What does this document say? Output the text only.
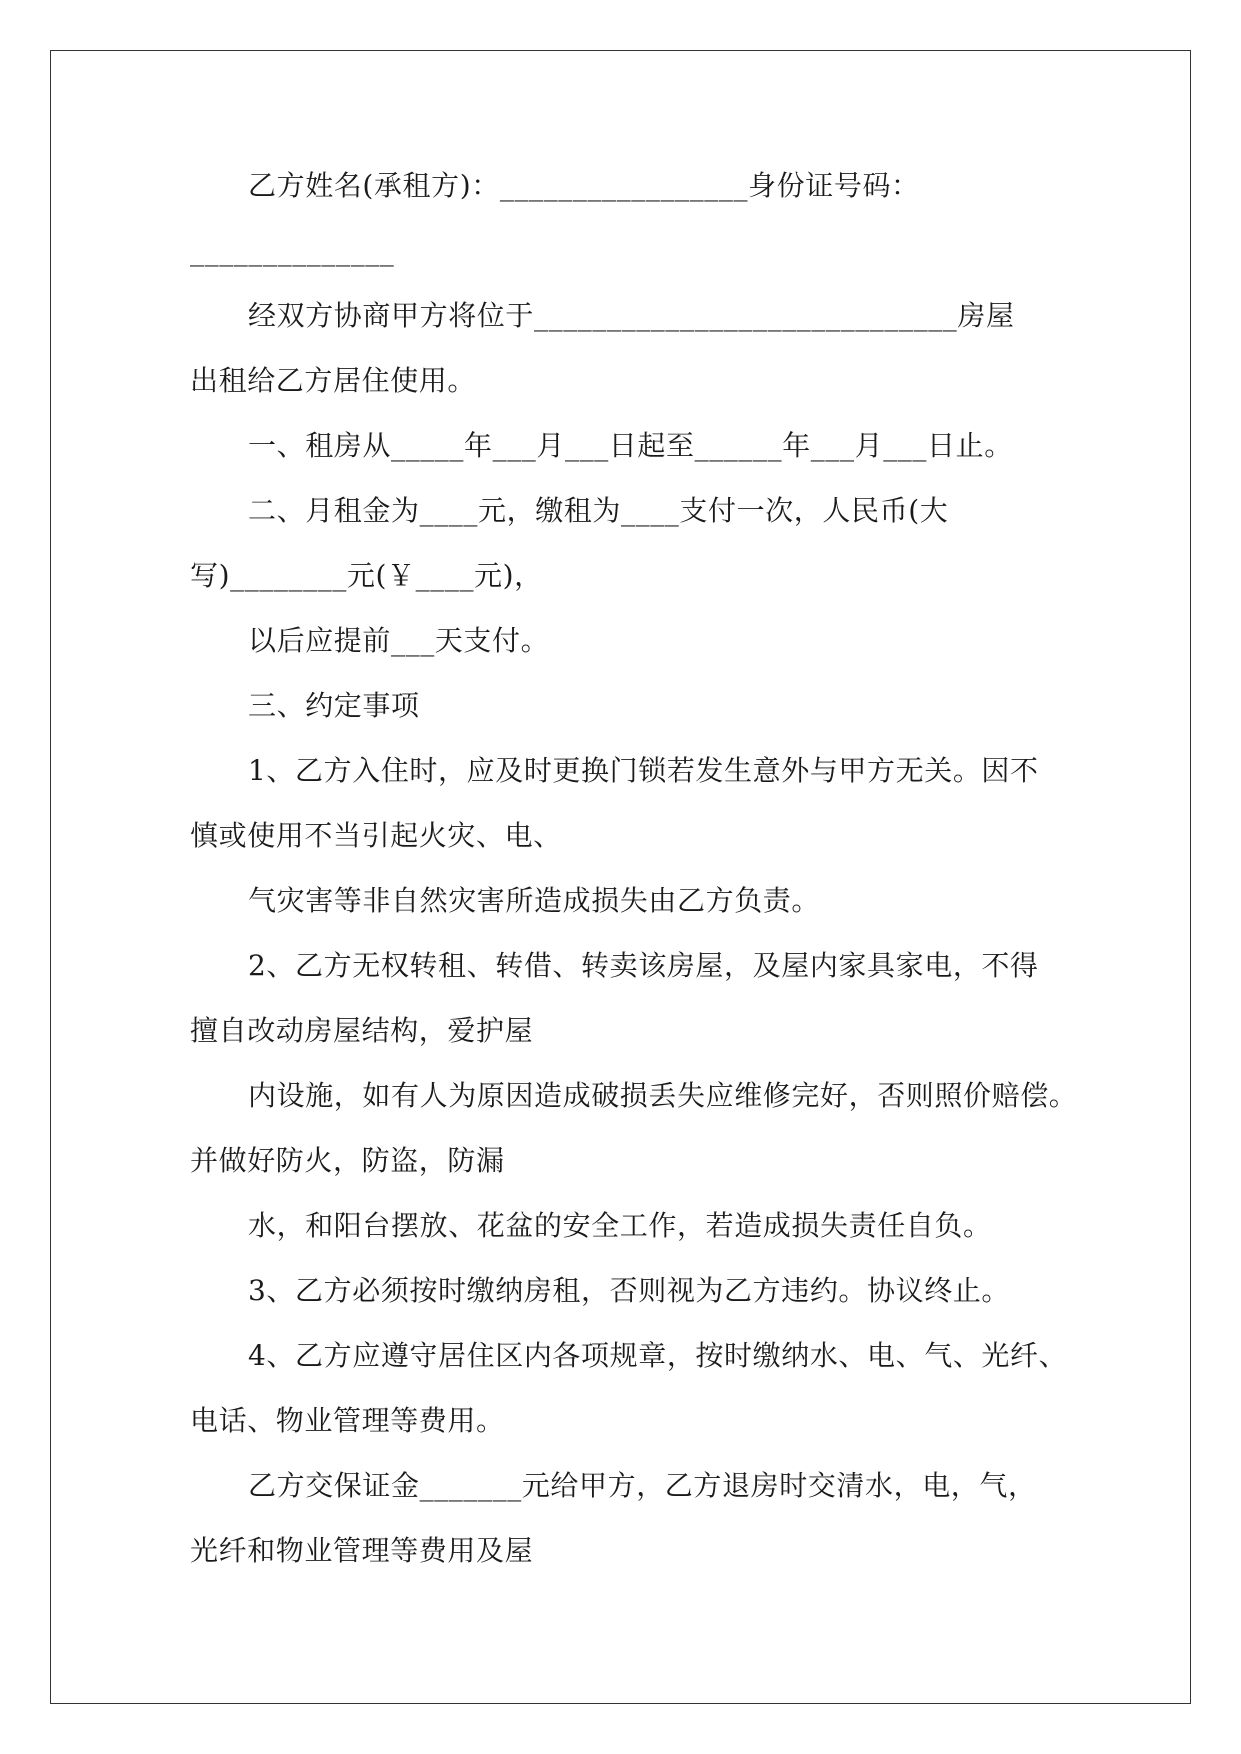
乙方姓名(承租方)：_________________身份证号码：
______________
经双方协商甲方将位于_____________________________房屋
出租给乙方居住使用。
一、租房从_____年___月___日起至______年___月___日止。
二、月租金为____元，缴租为____支付一次，人民币(大
写)________元(￥____元)，
以后应提前___天支付。
三、约定事项
1、乙方入住时，应及时更换门锁若发生意外与甲方无关。因不
慎或使用不当引起火灾、电、
气灾害等非自然灾害所造成损失由乙方负责。
2、乙方无权转租、转借、转卖该房屋，及屋内家具家电，不得
擅自改动房屋结构，爱护屋
内设施，如有人为原因造成破损丢失应维修完好，否则照价赔偿。
并做好防火，防盗，防漏
水，和阳台摆放、花盆的安全工作，若造成损失责任自负。
3、乙方必须按时缴纳房租，否则视为乙方违约。协议终止。
4、乙方应遵守居住区内各项规章，按时缴纳水、电、气、光纤、
电话、物业管理等费用。
乙方交保证金_______元给甲方，乙方退房时交清水，电，气，
光纤和物业管理等费用及屋
